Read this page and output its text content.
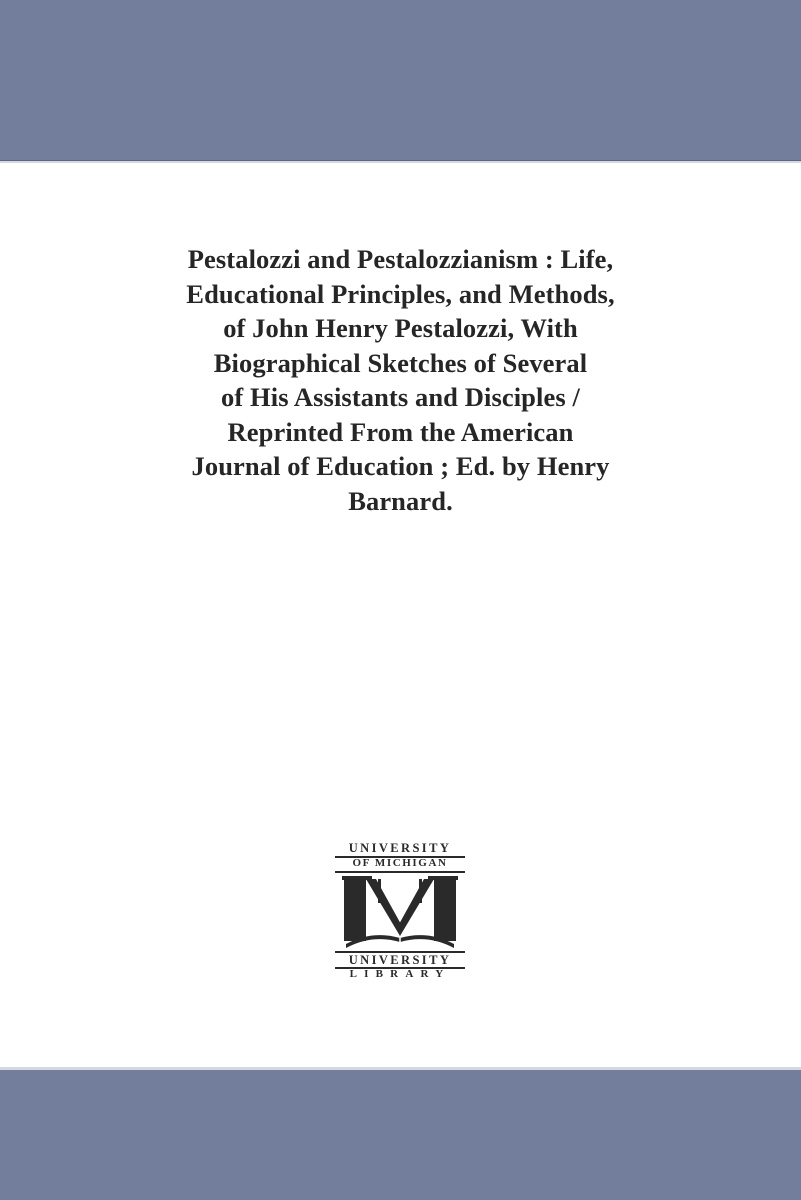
Pestalozzi and Pestalozzianism : Life,
Educational Principles, and Methods,
of John Henry Pestalozzi, With
Biographical Sketches of Several
of His Assistants and Disciples /
Reprinted From the American
Journal of Education ; Ed. by Henry
Barnard.
UNIVERSITY
OF MICHIGAN
UNIVERSITY
LIBRARY
